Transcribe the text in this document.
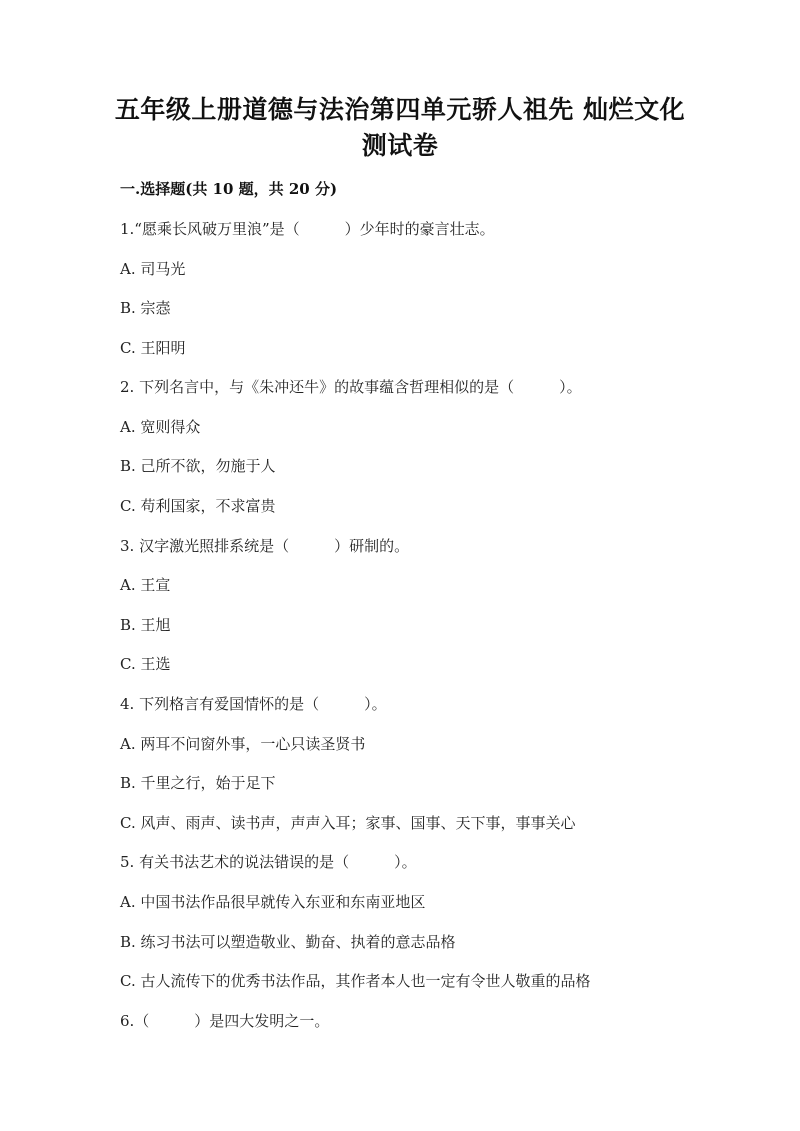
五年级上册道德与法治第四单元骄人祖先 灿烂文化
测试卷
一.选择题(共 10 题，共 20 分)
1.“愿乘长风破万里浪”是（　　　）少年时的豪言壮志。
A. 司马光
B. 宗悫
C. 王阳明
2. 下列名言中，与《朱冲还牛》的故事蕴含哲理相似的是（　　　）。
A. 宽则得众
B. 己所不欲，勿施于人
C. 苟利国家，不求富贵
3. 汉字激光照排系统是（　　　）研制的。
A. 王宣
B. 王旭
C. 王选
4. 下列格言有爱国情怀的是（　　　）。
A. 两耳不问窗外事，一心只读圣贤书
B. 千里之行，始于足下
C. 风声、雨声、读书声，声声入耳；家事、国事、天下事，事事关心
5. 有关书法艺术的说法错误的是（　　　）。
A. 中国书法作品很早就传入东亚和东南亚地区
B. 练习书法可以塑造敬业、勤奋、执着的意志品格
C. 古人流传下的优秀书法作品，其作者本人也一定有令世人敬重的品格
6.（　　　）是四大发明之一。
